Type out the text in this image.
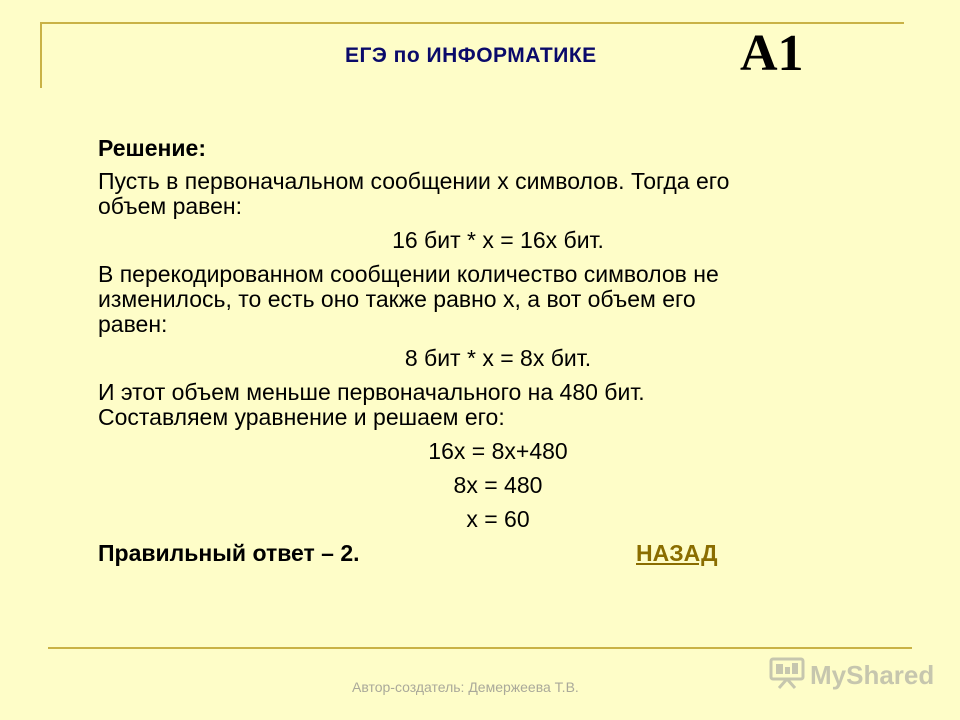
ЕГЭ по ИНФОРМАТИКЕ	А1

Решение:

Пусть в первоначальном сообщении x символов. Тогда его

объем равен:

16 бит * x = 16x бит.

В перекодированном сообщении количество символов не

изменилось, то есть оно также равно x, а вот объем его

равен:

8 бит * x = 8x бит.

И этот объем меньше первоначального на 480 бит.

Составляем уравнение и решаем его:

16x = 8x+480

8x = 480

x = 60

Правильный ответ – 2.	НАЗАД
Автор-создатель: Демержеева Т.В.	MyShared
